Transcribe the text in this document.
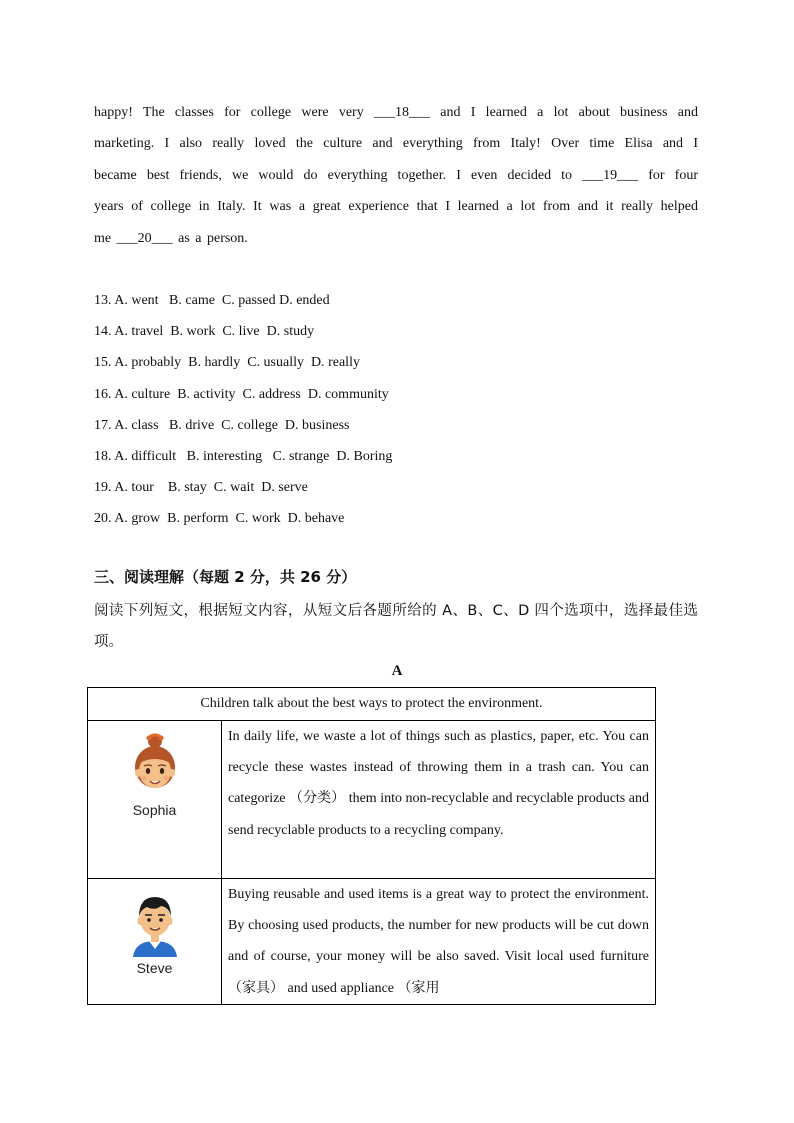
happy! The classes for college were very ___18___ and I learned a lot about business and
marketing. I also really loved the culture and everything from Italy! Over time Elisa and I
became best friends, we would do everything together. I even decided to ___19___ for four
years of college in Italy. It was a great experience that I learned a lot from and it really helped
me ___20___ as a person.
13. A. went   B. came  C. passed D. ended
14. A. travel  B. work  C. live  D. study
15. A. probably  B. hardly  C. usually  D. really
16. A. culture  B. activity  C. address  D. community
17. A. class   B. drive  C. college  D. business
18. A. difficult   B. interesting   C. strange  D. Boring
19. A. tour    B. stay  C. wait  D. serve
20. A. grow  B. perform  C. work  D. behave
三、阅读理解（每题 2 分，共 26 分）
阅读下列短文，根据短文内容，从短文后各题所给的 A、B、C、D 四个选项中，选择最佳选项。
A
Children talk about the best ways to protect the environment.	

Sophia	In daily life, we waste a lot of things such as plastics, paper, etc. You can recycle these wastes instead of throwing them in a trash can. You can categorize （分类） them into non-recyclable and recyclable products and send recyclable products to a recycling company.

Steve	Buying reusable and used items is a great way to protect the environment. By choosing used products, the number for new products will be cut down and of course, your money will be also saved. Visit local used furniture （家具） and used appliance （家用
